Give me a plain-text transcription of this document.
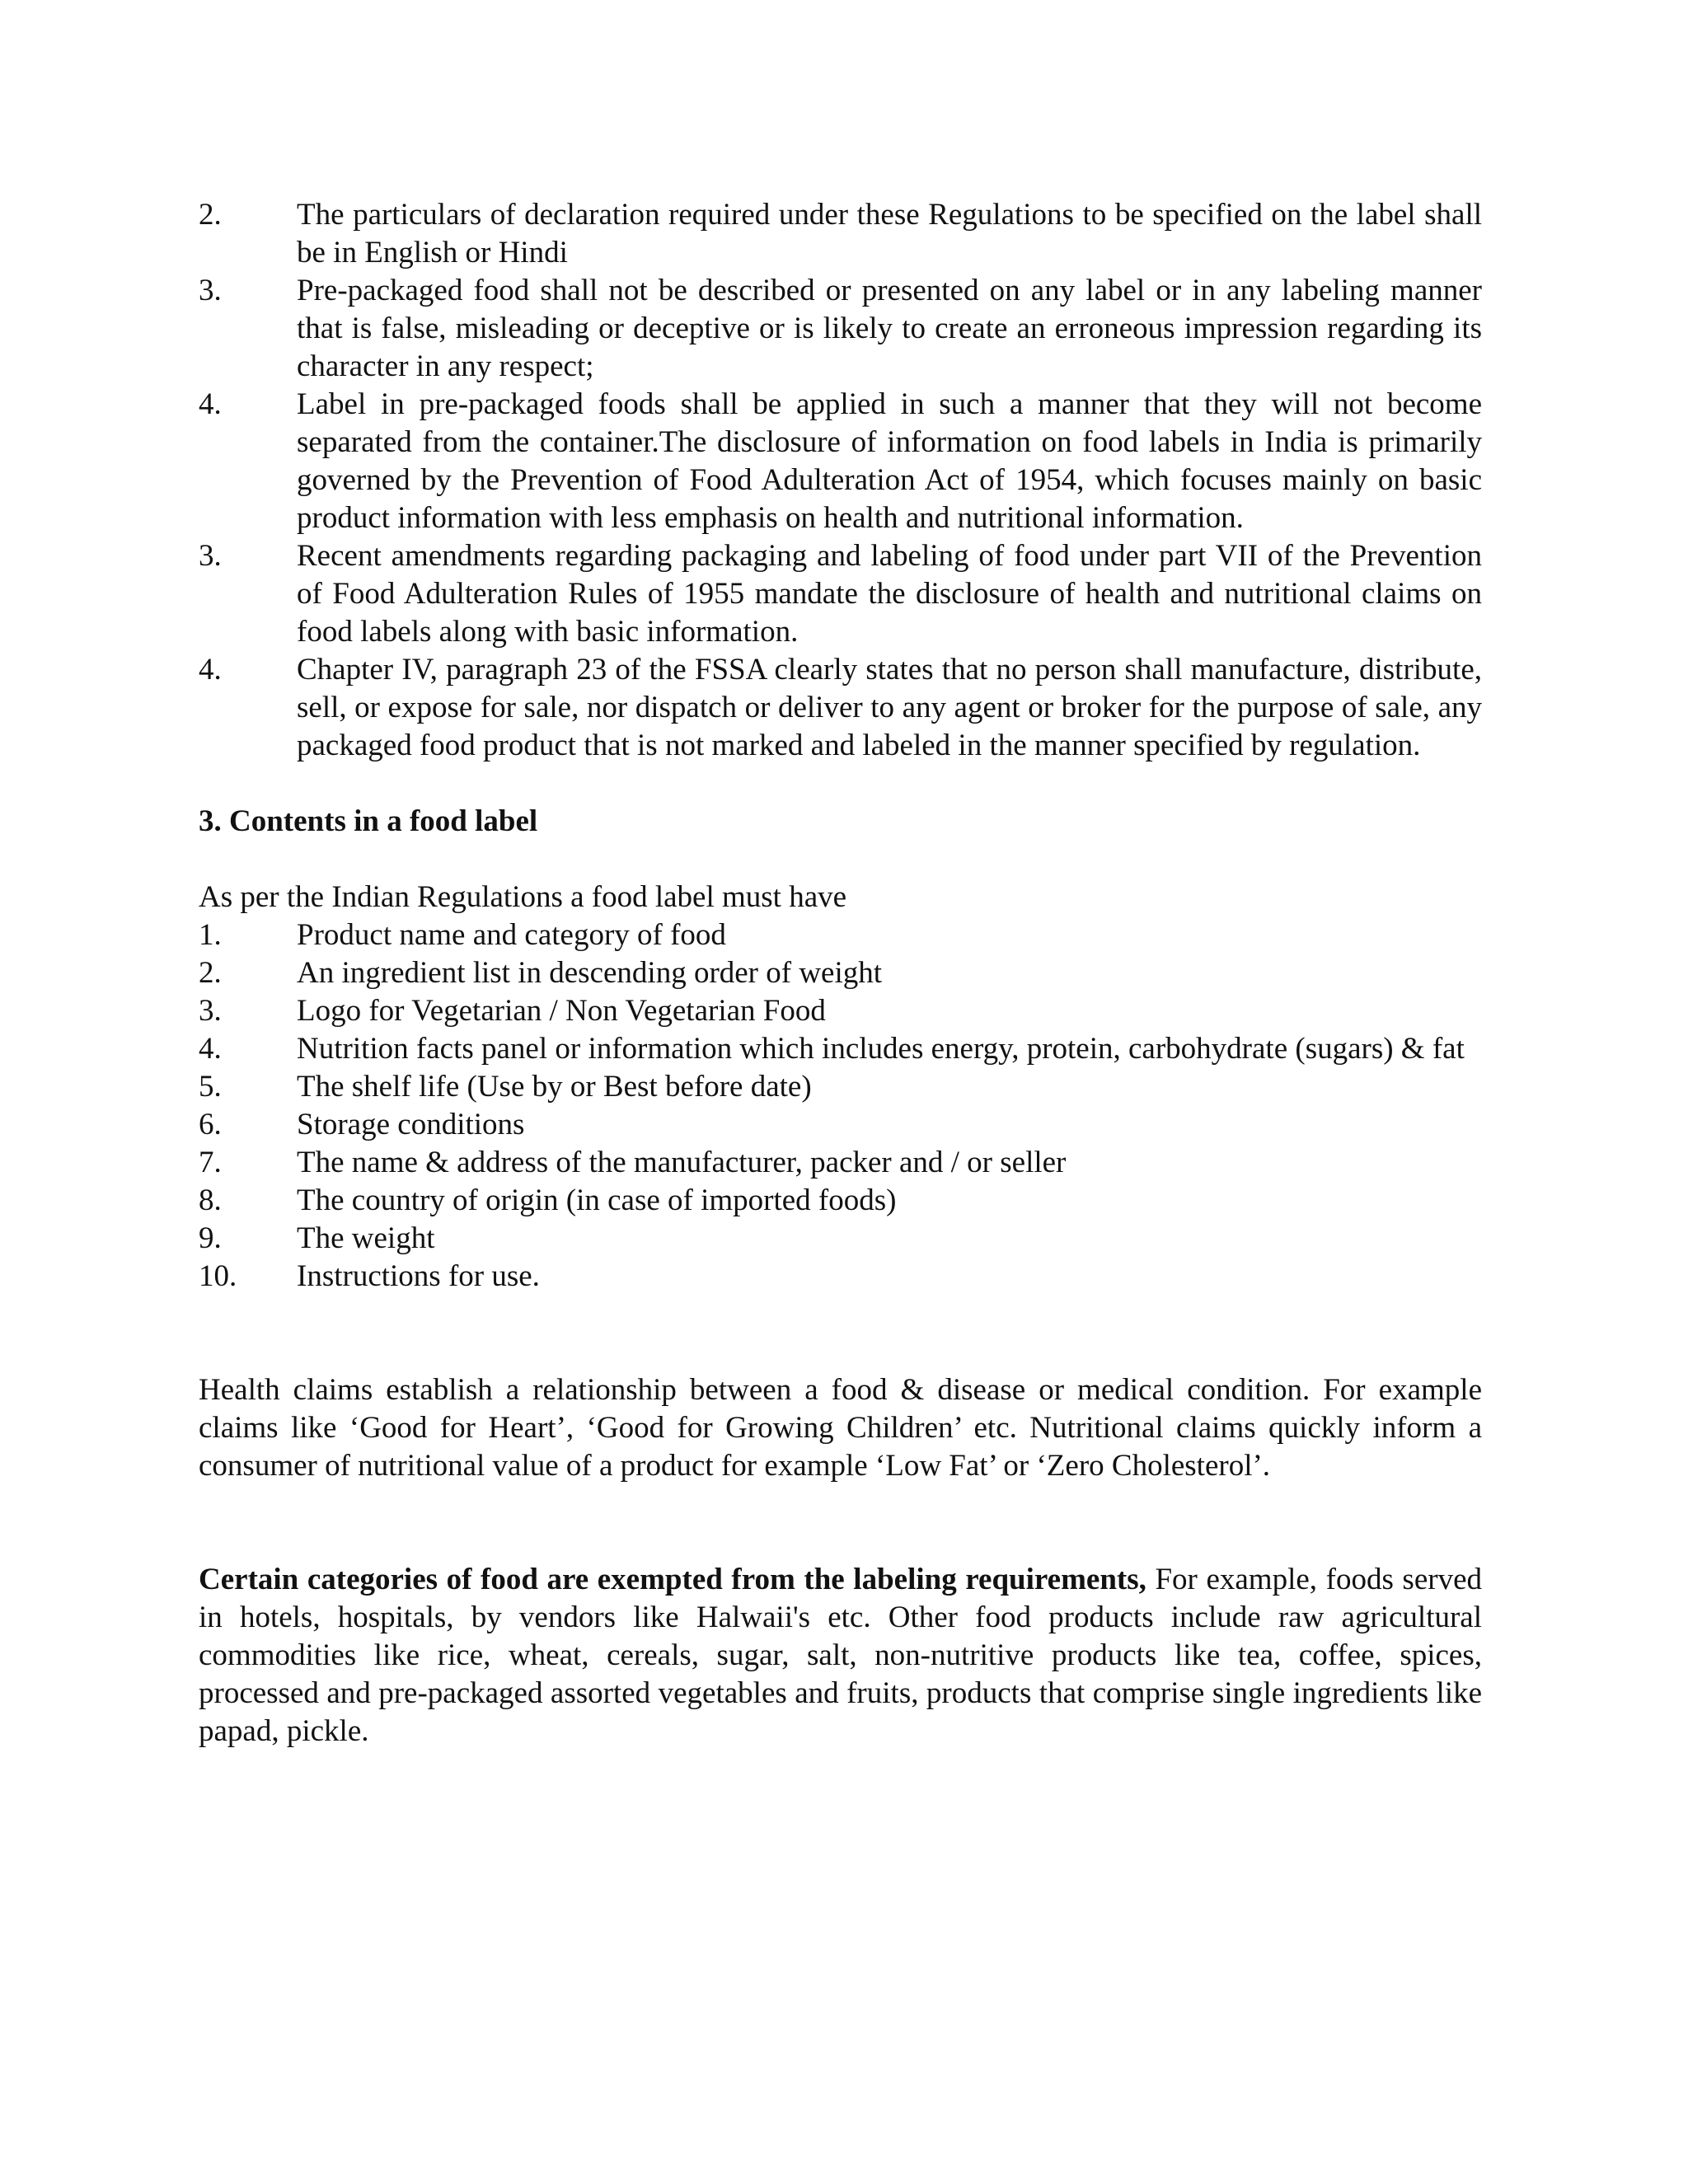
2.	The particulars of declaration required under these Regulations to be specified on the label shall be in English or Hindi
3.	Pre-packaged food shall not be described or presented on any label or in any labeling manner that is false, misleading or deceptive or is likely to create an erroneous impression regarding its character in any respect;
4.	Label in pre-packaged foods shall be applied in such a manner that they will not become separated from the container.The disclosure of information on food labels in India is primarily governed by the Prevention of Food Adulteration Act of 1954, which focuses mainly on basic product information with less emphasis on health and nutritional information.
3.	Recent amendments regarding packaging and labeling of food under part VII of the Prevention of Food Adulteration Rules of 1955 mandate the disclosure of health and nutritional claims on food labels along with basic information.
4.	Chapter IV, paragraph 23 of the FSSA clearly states that no person shall manufacture, distribute, sell, or expose for sale, nor dispatch or deliver to any agent or broker for the purpose of sale, any packaged food product that is not marked and labeled in the manner specified by regulation.

3. Contents in a food label

As per the Indian Regulations a food label must have

1.	Product name and category of food
2.	An ingredient list in descending order of weight
3.	Logo for Vegetarian / Non Vegetarian Food
4.	Nutrition facts panel or information which includes energy, protein, carbohydrate (sugars) & fat
5.	The shelf life (Use by or Best before date)
6.	Storage conditions
7.	The name & address of the manufacturer, packer and / or seller
8.	The country of origin (in case of imported foods)
9.	The weight
10.	Instructions for use.

Health claims establish a relationship between a food & disease or medical condition. For example claims like ‘Good for Heart’, ‘Good for Growing Children’ etc. Nutritional claims quickly inform a consumer of nutritional value of a product for example ‘Low Fat’ or ‘Zero Cholesterol’.

Certain categories of food are exempted from the labeling requirements, For example, foods served in hotels, hospitals, by vendors like Halwaii's etc. Other food products include raw agricultural commodities like rice, wheat, cereals, sugar, salt, non-nutritive products like tea, coffee, spices, processed and pre-packaged assorted vegetables and fruits, products that comprise single ingredients like papad, pickle.
